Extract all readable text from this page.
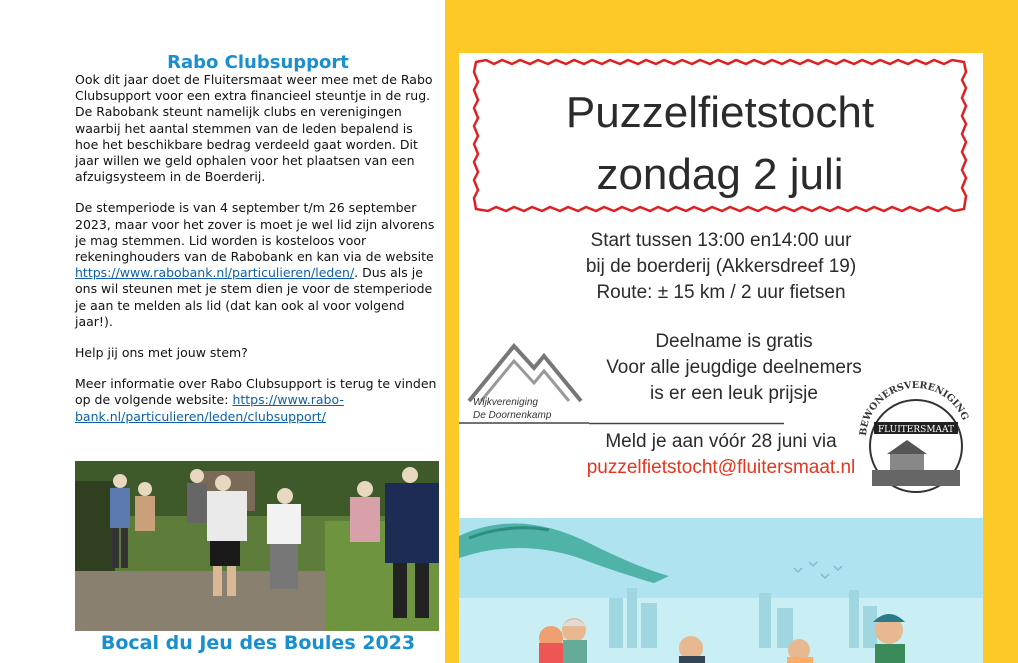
Rabo Clubsupport

Ook dit jaar doet de Fluitersmaat weer mee met de Rabo Clubsupport voor een extra financieel steuntje in de rug. De Rabobank steunt namelijk clubs en verenigingen waarbij het aantal stemmen van de leden bepalend is hoe het beschikbare bedrag verdeeld gaat worden. Dit jaar willen we geld ophalen voor het plaatsen van een afzuigsysteem in de Boerderij.

De stemperiode is van 4 september t/m 26 september 2023, maar voor het zover is moet je wel lid zijn alvorens je mag stemmen. Lid worden is kosteloos voor rekeninghouders van de Rabobank en kan via de website https://www.rabobank.nl/particulieren/leden/. Dus als je ons wil steunen met je stem dien je voor de stemperiode je aan te melden als lid (dat kan ook al voor volgend jaar!).

Help jij ons met jouw stem?

Meer informatie over Rabo Clubsupport is terug te vinden op de volgende website: https://www.rabo-bank.nl/particulieren/leden/clubsupport/

Bocal du Jeu des Boules 2023
Puzzelfietstocht
zondag 2 juli
Start tussen 13:00 en14:00 uur
bij de boerderij (Akkersdreef 19)
Route: ± 15 km / 2 uur fietsen
Deelname is gratis
Voor alle jeugdige deelnemers
is er een leuk prijsje
Wijkvereniging
De Doornenkamp
BEWONERSVERENIGING
FLUITERSMAAT
Meld je aan vóór 28 juni via
puzzelfietstocht@fluitersmaat.nl
